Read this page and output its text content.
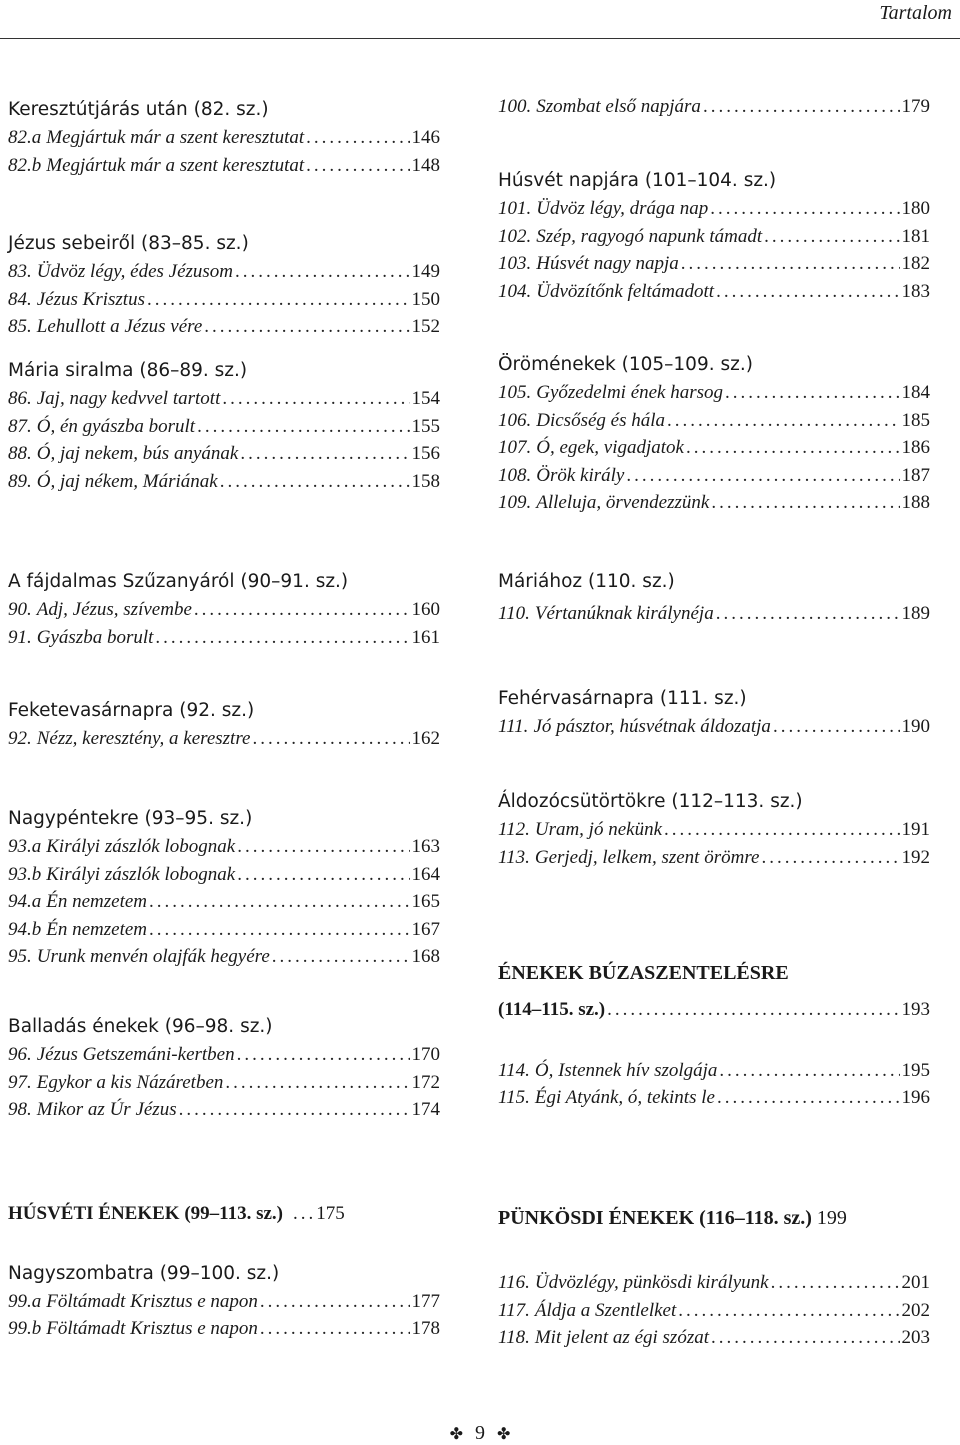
Tartalom
Keresztútjárás után (82. sz.)
82.a Megjártuk már a szent keresztutat .....	146
82.b Megjártuk már a szent keresztutat .....	148
Jézus sebeiről (83–85. sz.)
83. Üdvöz légy, édes Jézusom .....	149
84. Jézus Krisztus .....	150
85. Lehullott a Jézus vére .....	152
Mária siralma (86–89. sz.)
86. Jaj, nagy kedvvel tartott .....	154
87. Ó, én gyászba borult .....	155
88. Ó, jaj nekem, bús anyának .....	156
89. Ó, jaj nékem, Máriának .....	158
A fájdalmas Szűzanyáról (90–91. sz.)
90. Adj, Jézus, szívembe .....	160
91. Gyászba borult .....	161
Feketevasárnapra (92. sz.)
92. Nézz, keresztény, a keresztre .....	162
Nagypéntekre (93–95. sz.)
93.a Királyi zászlók lobognak .....	163
93.b Királyi zászlók lobognak .....	164
94.a Én nemzetem .....	165
94.b Én nemzetem .....	167
95. Urunk menvén olajfák hegyére .....	168
Balladás énekek (96–98. sz.)
96. Jézus Getszemáni-kertben .....	170
97. Egykor a kis Názáretben .....	172
98. Mikor az Úr Jézus .....	174
100. Szombat első napjára .....	179
Húsvét napjára (101–104. sz.)
101. Üdvöz légy, drága nap .....	180
102. Szép, ragyogó napunk támadt .....	181
103. Húsvét nagy napja .....	182
104. Üdvözítőnk feltámadott .....	183
Öröménekek (105–109. sz.)
105. Győzedelmi ének harsog .....	184
106. Dicsőség és hála .....	185
107. Ó, egek, vigadjatok .....	186
108. Örök király .....	187
109. Alleluja, örvendezzünk .....	188
Máriához (110. sz.)
110. Vértanúknak királynéja .....	189
Fehérvasárnapra (111. sz.)
111. Jó pásztor, húsvétnak áldozatja .....	190
Áldozócsütörtökre (112–113. sz.)
112. Uram, jó nekünk .....	191
113. Gerjedj, lelkem, szent örömre .....	192
ÉNEKEK BÚZASZENTELÉSRE
(114–115. sz.) .....	193
114. Ó, Istennek hív szolgája .....	195
115. Égi Atyánk, ó, tekints le .....	196
HÚSVÉTI ÉNEKEK (99–113. sz.) ...175
Nagyszombatra (99–100. sz.)
99.a Föltámadt Krisztus e napon .....	177
99.b Föltámadt Krisztus e napon .....	178
PÜNKÖSDI ÉNEKEK (116–118. sz.) 199
116. Üdvözlégy, pünkösdi királyunk .....	201
117. Áldja a Szentlelket .....	202
118. Mit jelent az égi szózat .....	203
✤ 9 ✤
